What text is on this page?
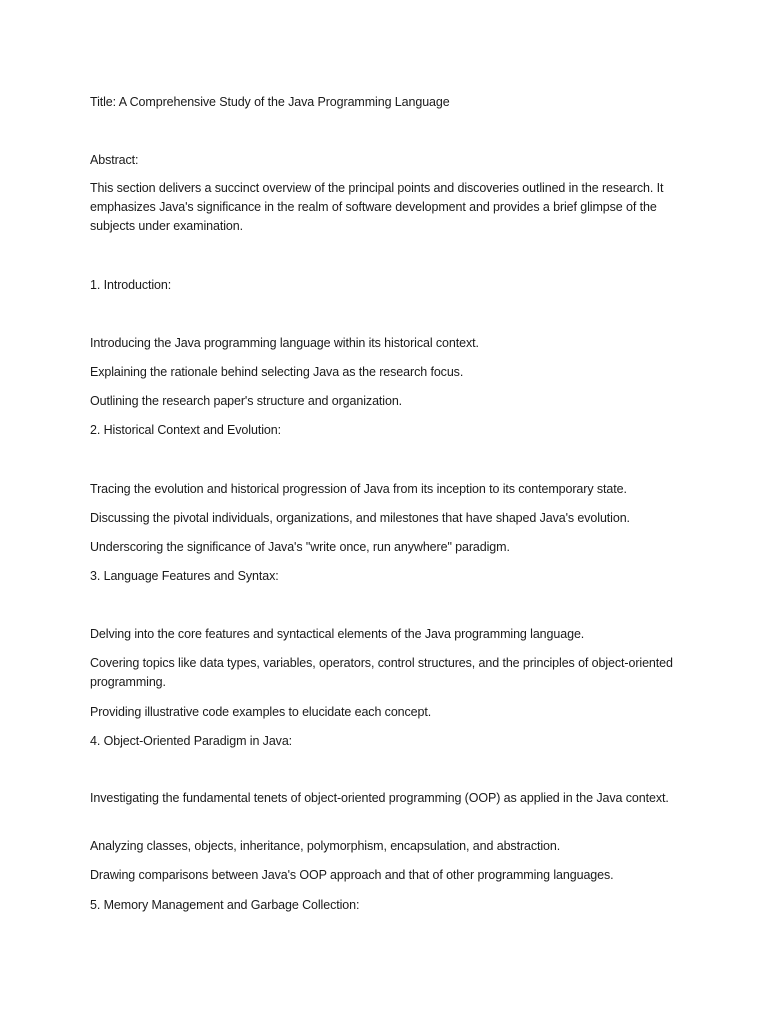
Title: A Comprehensive Study of the Java Programming Language
Abstract:
This section delivers a succinct overview of the principal points and discoveries outlined in the research. It emphasizes Java's significance in the realm of software development and provides a brief glimpse of the subjects under examination.
1. Introduction:
Introducing the Java programming language within its historical context.
Explaining the rationale behind selecting Java as the research focus.
Outlining the research paper's structure and organization.
2. Historical Context and Evolution:
Tracing the evolution and historical progression of Java from its inception to its contemporary state.
Discussing the pivotal individuals, organizations, and milestones that have shaped Java's evolution.
Underscoring the significance of Java's "write once, run anywhere" paradigm.
3. Language Features and Syntax:
Delving into the core features and syntactical elements of the Java programming language.
Covering topics like data types, variables, operators, control structures, and the principles of object-oriented programming.
Providing illustrative code examples to elucidate each concept.
4. Object-Oriented Paradigm in Java:
Investigating the fundamental tenets of object-oriented programming (OOP) as applied in the Java context.
Analyzing classes, objects, inheritance, polymorphism, encapsulation, and abstraction.
Drawing comparisons between Java's OOP approach and that of other programming languages.
5. Memory Management and Garbage Collection:
